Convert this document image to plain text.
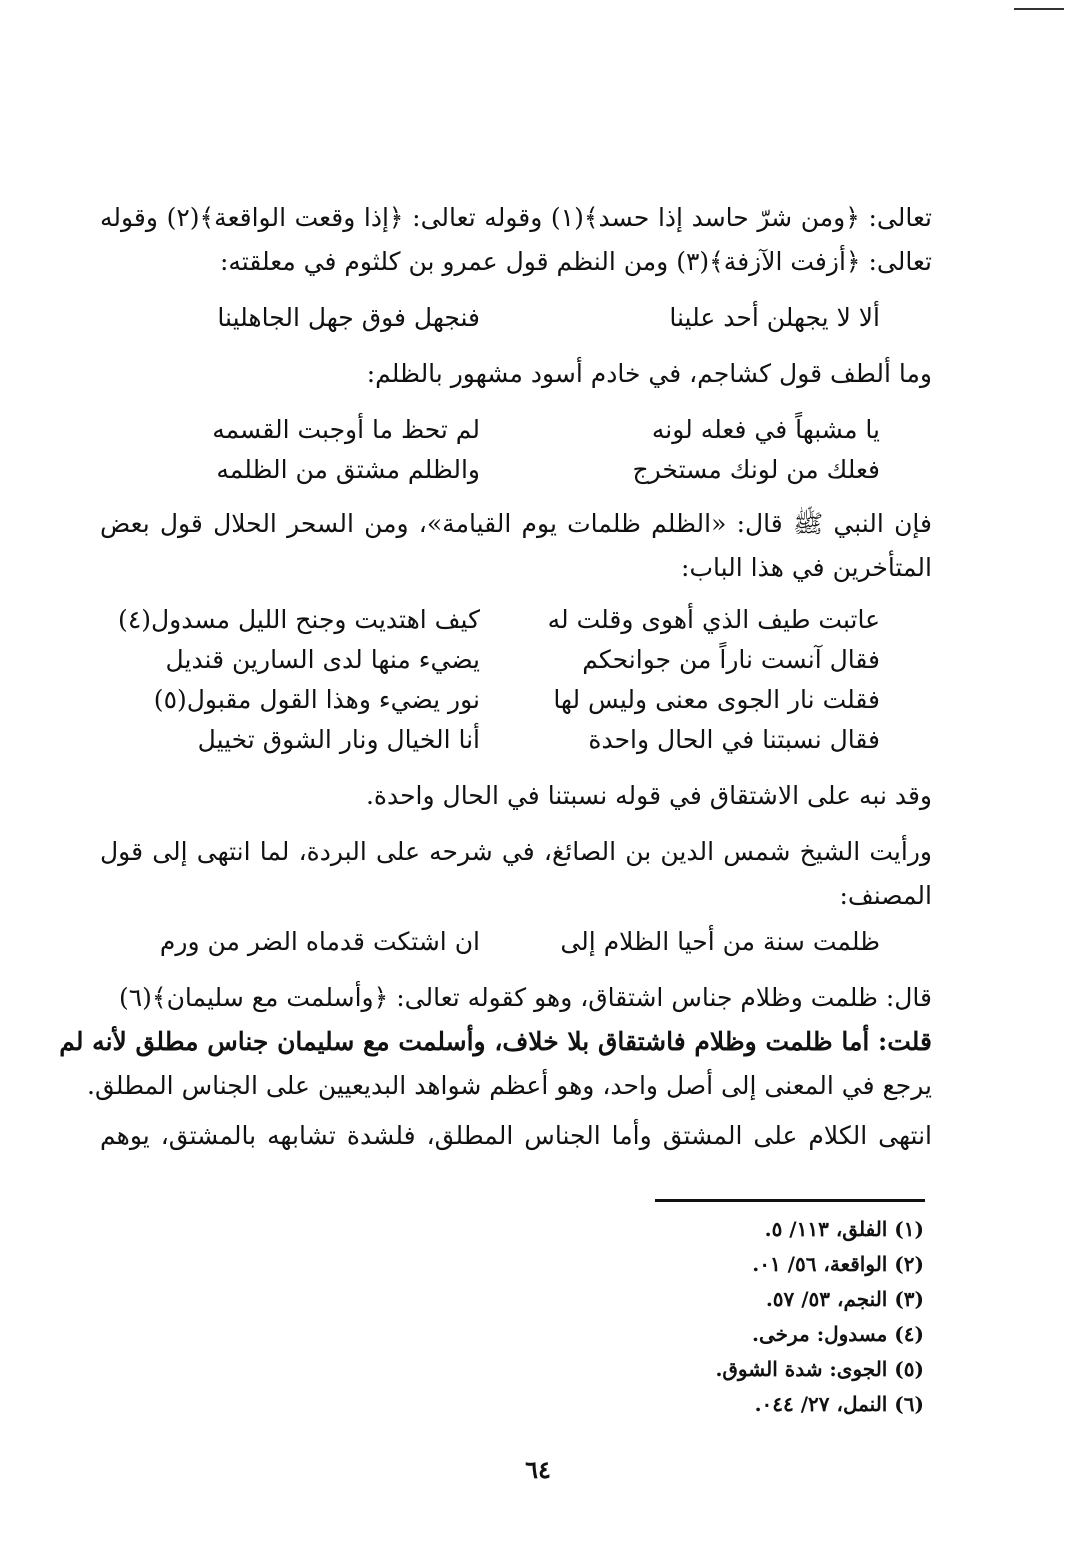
تعالى: ﴿ومن شرّ حاسد إذا حسد﴾(١) وقوله تعالى: ﴿إذا وقعت الواقعة﴾(٢) وقوله
تعالى: ﴿أزفت الآزفة﴾(٣) ومن النظم قول عمرو بن كلثوم في معلقته:
ألا لا يجهلن أحد علينا
فنجهل فوق جهل الجاهلينا
وما ألطف قول كشاجم، في خادم أسود مشهور بالظلم:
يا مشبهاً في فعله لونه
لم تحظ ما أوجبت القسمه
فعلك من لونك مستخرج
والظلم مشتق من الظلمه
فإن النبي ﷺ قال: «الظلم ظلمات يوم القيامة»، ومن السحر الحلال قول بعض
المتأخرين في هذا الباب:
عاتبت طيف الذي أهوى وقلت له
كيف اهتديت وجنح الليل مسدول(٤)
فقال آنست ناراً من جوانحكم
يضيء منها لدى السارين قنديل
فقلت نار الجوى معنى وليس لها
نور يضيء وهذا القول مقبول(٥)
فقال نسبتنا في الحال واحدة
أنا الخيال ونار الشوق تخييل
وقد نبه على الاشتقاق في قوله نسبتنا في الحال واحدة.
ورأيت الشيخ شمس الدين بن الصائغ، في شرحه على البردة، لما انتهى إلى قول
المصنف:
ظلمت سنة من أحيا الظلام إلى
ان اشتكت قدماه الضر من ورم
قال: ظلمت وظلام جناس اشتقاق، وهو كقوله تعالى: ﴿وأسلمت مع سليمان﴾(٦)
قلت: أما ظلمت وظلام فاشتقاق بلا خلاف، وأسلمت مع سليمان جناس مطلق لأنه لم
يرجع في المعنى إلى أصل واحد، وهو أعظم شواهد البديعيين على الجناس المطلق.
انتهى الكلام على المشتق وأما الجناس المطلق، فلشدة تشابهه بالمشتق، يوهم
(١) الفلق، ١١٣/ ٥.
(٢) الواقعة، ٥٦/ ٠١.
(٣) النجم، ٥٣/ ٥٧.
(٤) مسدول: مرخى.
(٥) الجوى: شدة الشوق.
(٦) النمل، ٢٧/ ٠٤٤.
٦٤
